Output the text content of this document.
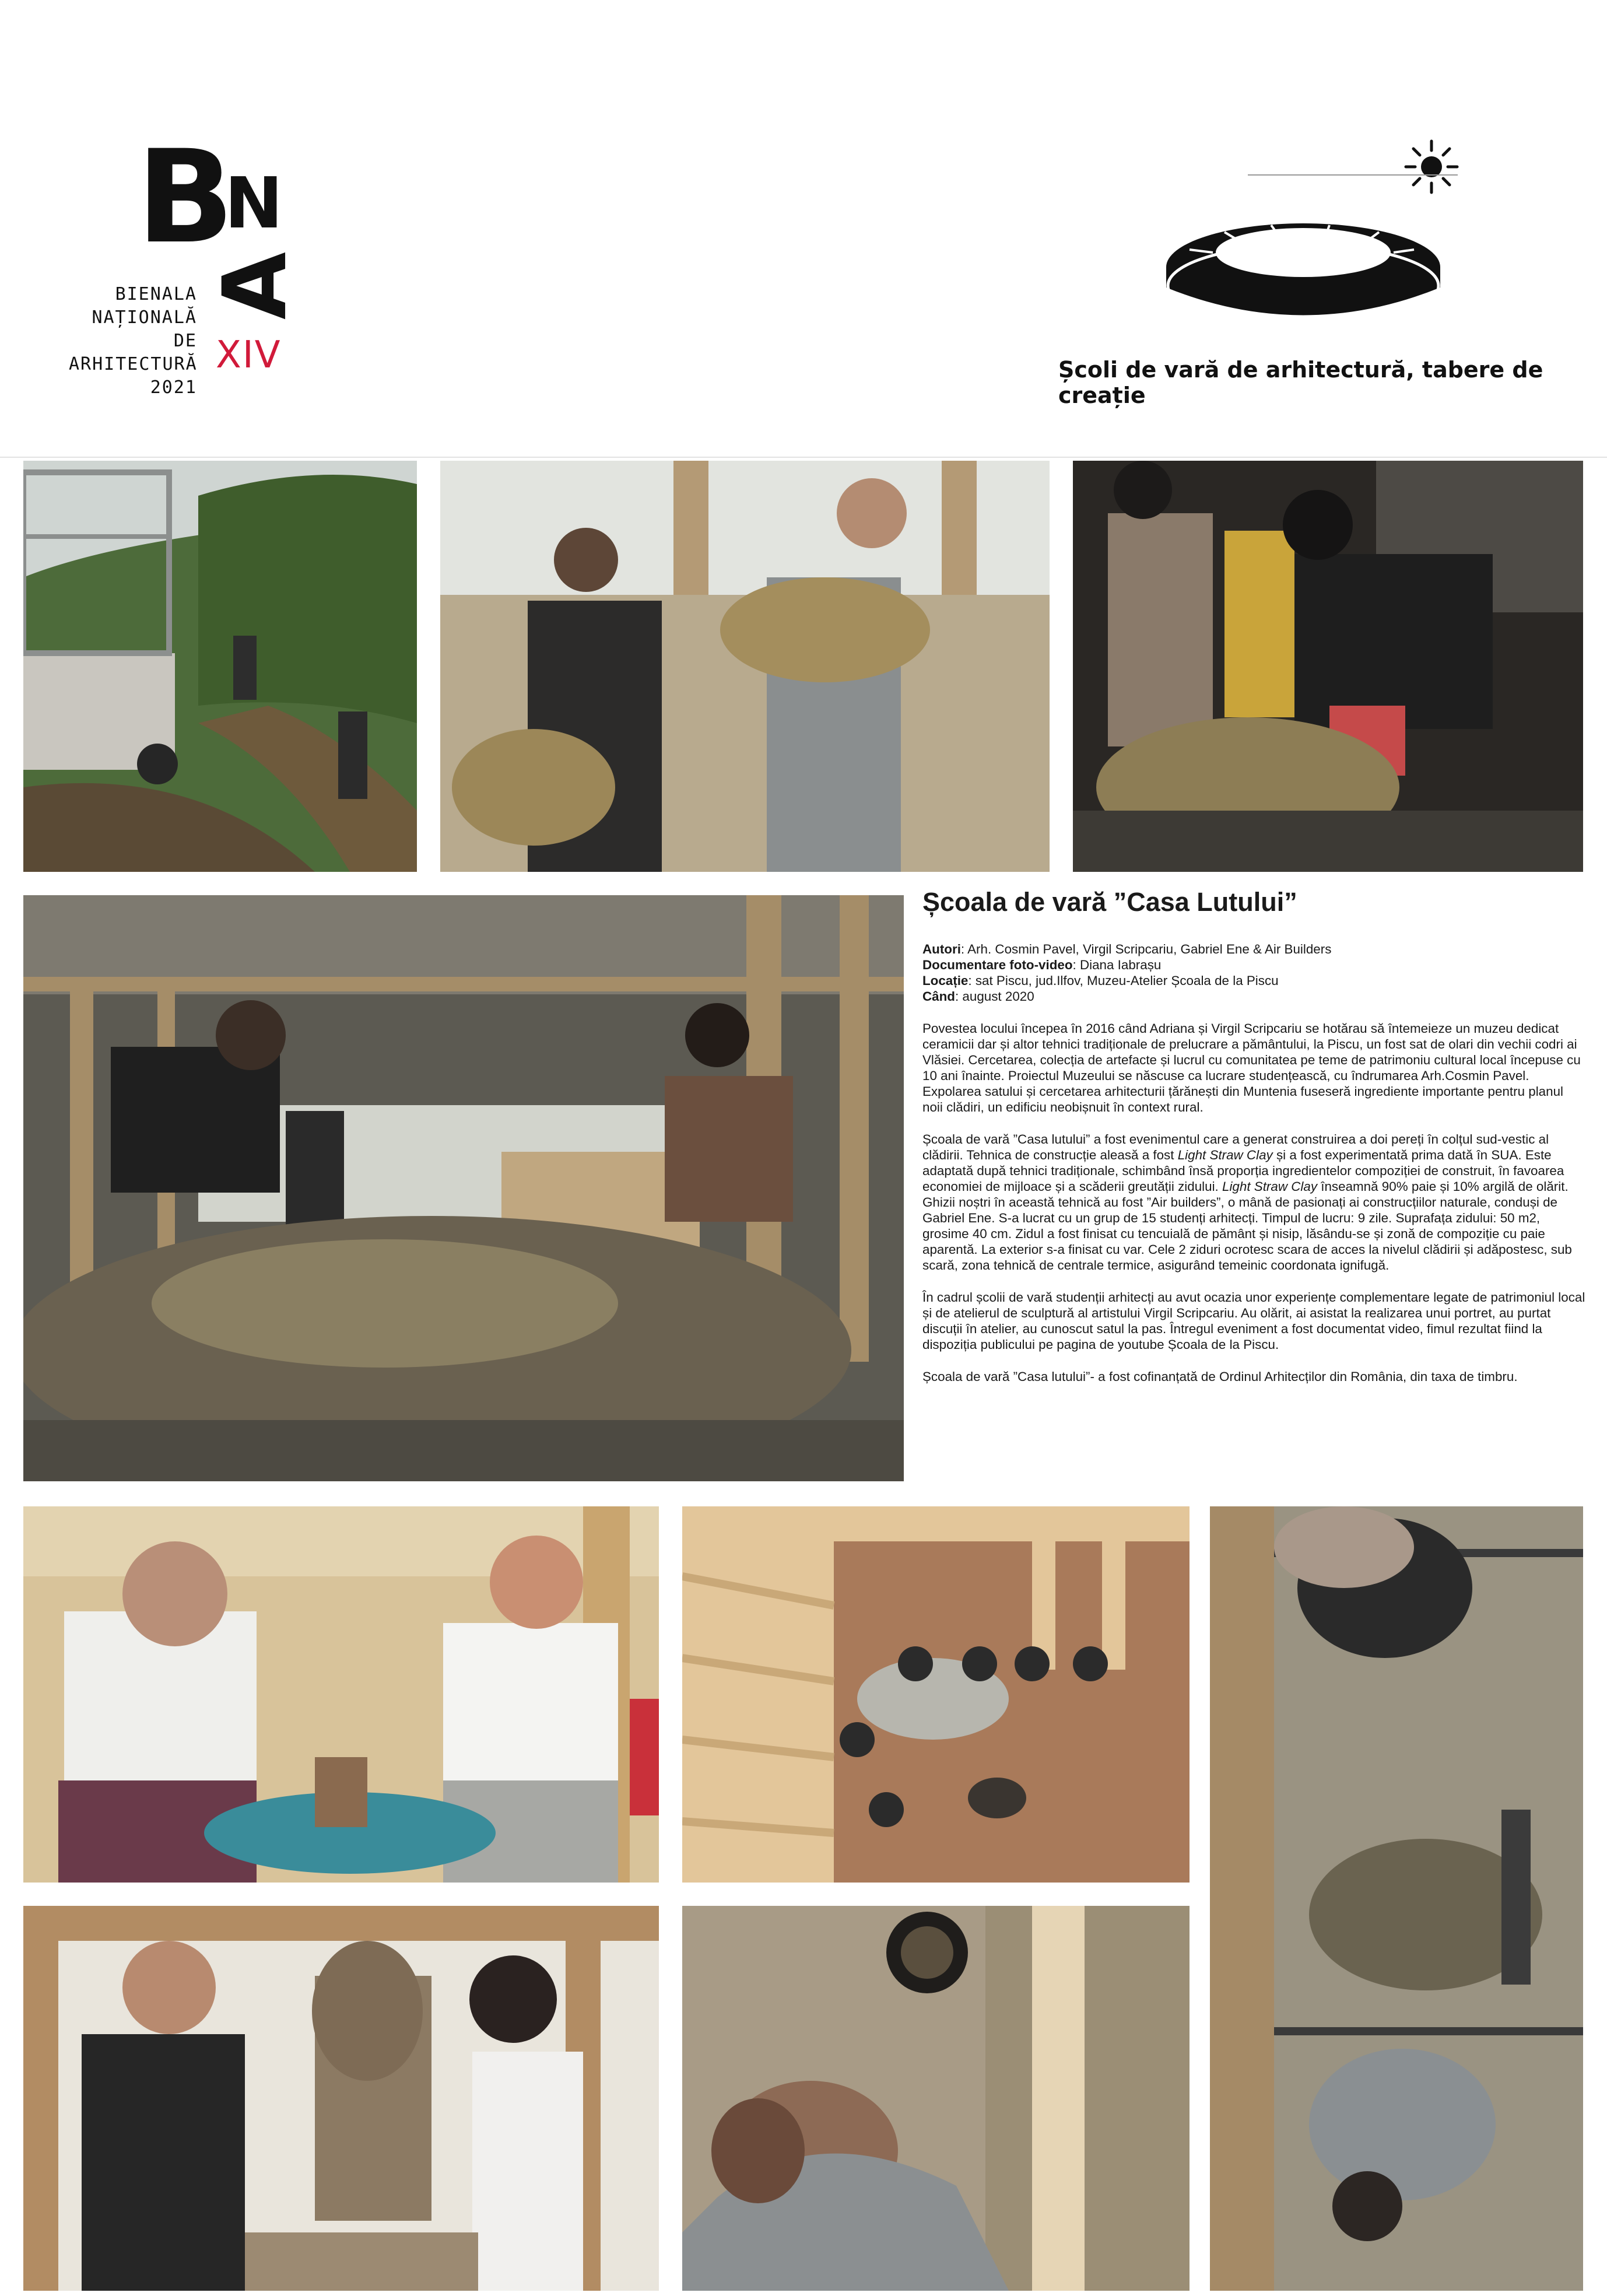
B
N
A
BIENALA
NAȚIONALĂ
DE
ARHITECTURĂ
2021
XIV	Școli de vară de arhitectură, tabere de creație
Școala de vară ”Casa Lutului”

Autori: Arh. Cosmin Pavel, Virgil Scripcariu, Gabriel Ene & Air Builders

Documentare foto-video: Diana Iabrașu

Locație: sat Piscu, jud.Ilfov, Muzeu-Atelier Școala de la Piscu

Când: august 2020

Povestea locului începea în 2016 când Adriana și Virgil Scripcariu se hotărau să întemeieze un muzeu dedicat ceramicii dar și altor tehnici tradiționale de prelucrare a pământului, la Piscu, un fost sat de olari din vechii codri ai Vlăsiei. Cercetarea, colecția de artefacte și lucrul cu comunitatea pe teme de patrimoniu cultural local începuse cu 10 ani înainte. Proiectul Muzeului se născuse ca lucrare studențească, cu îndrumarea Arh.Cosmin Pavel. Expolarea satului și cercetarea arhitecturii țărănești din Muntenia fuseseră ingrediente importante pentru planul noii clădiri, un edificiu neobișnuit în context rural.

Școala de vară ”Casa lutului” a fost evenimentul care a generat construirea a doi pereți în colțul sud-vestic al clădirii. Tehnica de construcție aleasă a fost Light Straw Clay și a fost experimentată prima dată în SUA. Este adaptată după tehnici tradiționale, schimbând însă proporția ingredientelor compoziției de construit, în favoarea economiei de mijloace și a scăderii greutății zidului. Light Straw Clay înseamnă 90% paie și 10% argilă de olărit. Ghizii noștri în această tehnică au fost ”Air builders”, o mână de pasionați ai construcțiilor naturale, conduși de Gabriel Ene. S-a lucrat cu un grup de 15 studenți arhitecți. Timpul de lucru: 9 zile. Suprafața zidului: 50 m2, grosime 40 cm. Zidul a fost finisat cu tencuială de pământ și nisip, lăsându-se și zonă de compoziție cu paie aparentă. La exterior s-a finisat cu var. Cele 2 ziduri ocrotesc scara de acces la nivelul clădirii și adăpostesc, sub scară, zona tehnică de centrale termice, asigurând temeinic coordonata ignifugă.

În cadrul școlii de vară studenții arhitecți au avut ocazia unor experiențe complementare legate de patrimoniul local și de atelierul de sculptură al artistului Virgil Scripcariu. Au olărit, ai asistat la realizarea unui portret, au purtat discuții în atelier, au cunoscut satul la pas. Întregul eveniment a fost documentat video, fimul rezultat fiind la dispoziția publicului pe pagina de youtube Școala de la Piscu.

Școala de vară ”Casa lutului”- a fost cofinanțată de Ordinul Arhitecților din România, din taxa de timbru.
